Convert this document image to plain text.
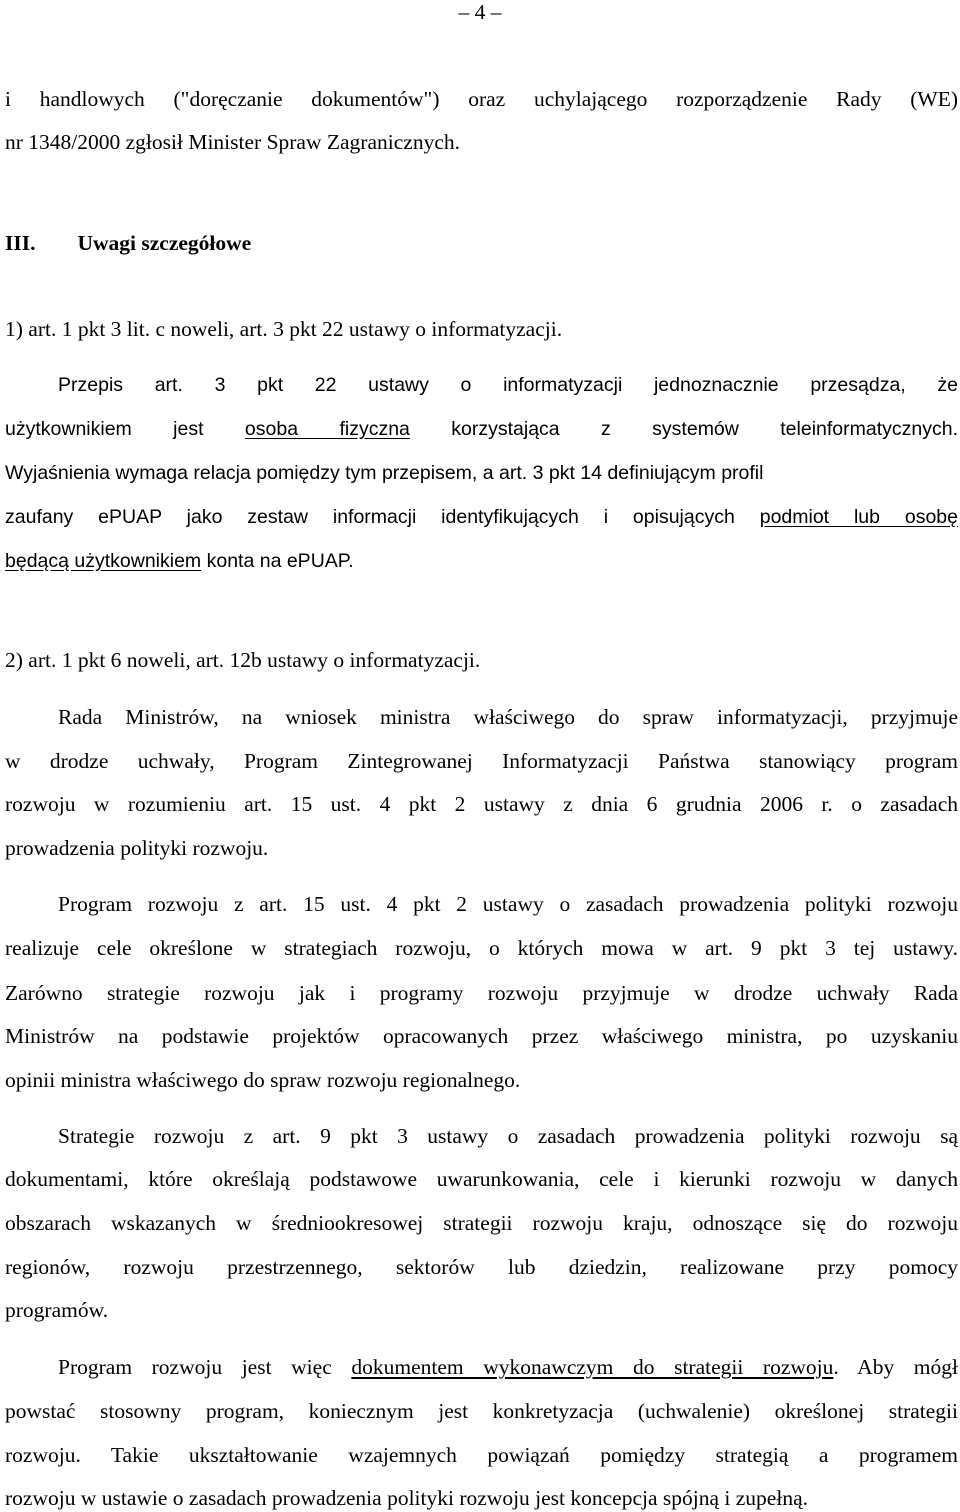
– 4 –
i handlowych ("doręczanie dokumentów") oraz uchylającego rozporządzenie Rady (WE)
nr 1348/2000 zgłosił Minister Spraw Zagranicznych.
III. Uwagi szczegółowe
1) art. 1 pkt 3 lit. c noweli, art. 3 pkt 22 ustawy o informatyzacji.
Przepis art. 3 pkt 22 ustawy o informatyzacji jednoznacznie przesądza, że
użytkownikiem jest osoba fizyczna korzystająca z systemów teleinformatycznych.
Wyjaśnienia wymaga relacja pomiędzy tym przepisem, a art. 3 pkt 14 definiującym profil
zaufany ePUAP jako zestaw informacji identyfikujących i opisujących podmiot lub osobę
będącą użytkownikiem konta na ePUAP.
2) art. 1 pkt 6 noweli, art. 12b ustawy o informatyzacji.
Rada Ministrów, na wniosek ministra właściwego do spraw informatyzacji, przyjmuje
w drodze uchwały, Program Zintegrowanej Informatyzacji Państwa stanowiący program
rozwoju w rozumieniu art. 15 ust. 4 pkt 2 ustawy z dnia 6 grudnia 2006 r. o zasadach
prowadzenia polityki rozwoju.
Program rozwoju z art. 15 ust. 4 pkt 2 ustawy o zasadach prowadzenia polityki rozwoju
realizuje cele określone w strategiach rozwoju, o których mowa w art. 9 pkt 3 tej ustawy.
Zarówno strategie rozwoju jak i programy rozwoju przyjmuje w drodze uchwały Rada
Ministrów na podstawie projektów opracowanych przez właściwego ministra, po uzyskaniu
opinii ministra właściwego do spraw rozwoju regionalnego.
Strategie rozwoju z art. 9 pkt 3 ustawy o zasadach prowadzenia polityki rozwoju są
dokumentami, które określają podstawowe uwarunkowania, cele i kierunki rozwoju w danych
obszarach wskazanych w średniookresowej strategii rozwoju kraju, odnoszące się do rozwoju
regionów, rozwoju przestrzennego, sektorów lub dziedzin, realizowane przy pomocy
programów.
Program rozwoju jest więc dokumentem wykonawczym do strategii rozwoju. Aby mógł
powstać stosowny program, koniecznym jest konkretyzacja (uchwalenie) określonej strategii
rozwoju. Takie ukształtowanie wzajemnych powiązań pomiędzy strategią a programem
rozwoju w ustawie o zasadach prowadzenia polityki rozwoju jest koncepcja spójną i zupełną.
